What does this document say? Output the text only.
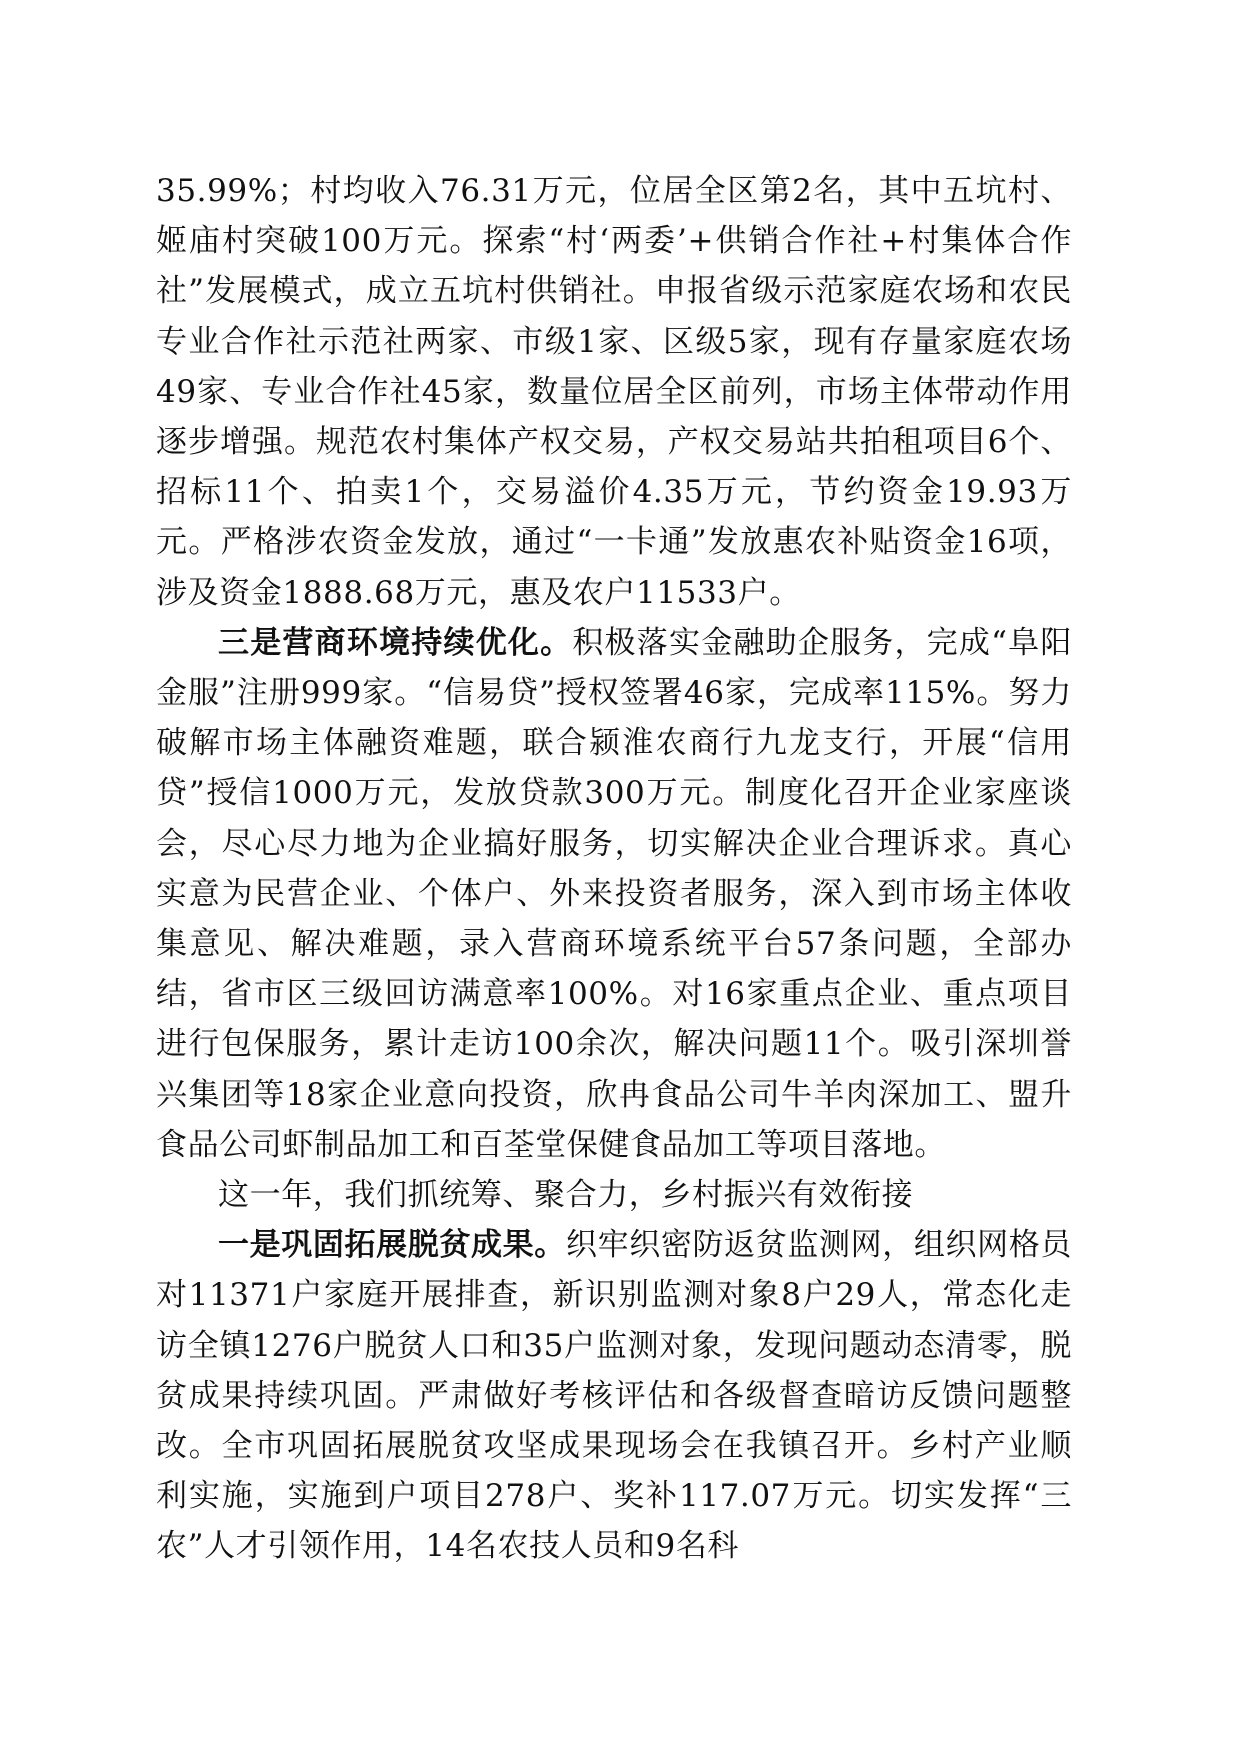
35.99%；村均收入76.31万元，位居全区第2名，其中五坑村、姬庙村突破100万元。探索“村‘两委’+供销合作社+村集体合作社”发展模式，成立五坑村供销社。申报省级示范家庭农场和农民专业合作社示范社两家、市级1家、区级5家，现有存量家庭农场49家、专业合作社45家，数量位居全区前列，市场主体带动作用逐步增强。规范农村集体产权交易，产权交易站共拍租项目6个、招标11个、拍卖1个，交易溢价4.35万元，节约资金19.93万元。严格涉农资金发放，通过“一卡通”发放惠农补贴资金16项，涉及资金1888.68万元，惠及农户11533户。

三是营商环境持续优化。积极落实金融助企服务，完成“阜阳金服”注册999家。“信易贷”授权签署46家，完成率115%。努力破解市场主体融资难题，联合颍淮农商行九龙支行，开展“信用贷”授信1000万元，发放贷款300万元。制度化召开企业家座谈会，尽心尽力地为企业搞好服务，切实解决企业合理诉求。真心实意为民营企业、个体户、外来投资者服务，深入到市场主体收集意见、解决难题，录入营商环境系统平台57条问题，全部办结，省市区三级回访满意率100%。对16家重点企业、重点项目进行包保服务，累计走访100余次，解决问题11个。吸引深圳誉兴集团等18家企业意向投资，欣冉食品公司牛羊肉深加工、盟升食品公司虾制品加工和百荃堂保健食品加工等项目落地。

这一年，我们抓统筹、聚合力，乡村振兴有效衔接

一是巩固拓展脱贫成果。织牢织密防返贫监测网，组织网格员对11371户家庭开展排查，新识别监测对象8户29人，常态化走访全镇1276户脱贫人口和35户监测对象，发现问题动态清零，脱贫成果持续巩固。严肃做好考核评估和各级督查暗访反馈问题整改。全市巩固拓展脱贫攻坚成果现场会在我镇召开。乡村产业顺利实施，实施到户项目278户、奖补117.07万元。切实发挥“三农”人才引领作用，14名农技人员和9名科
